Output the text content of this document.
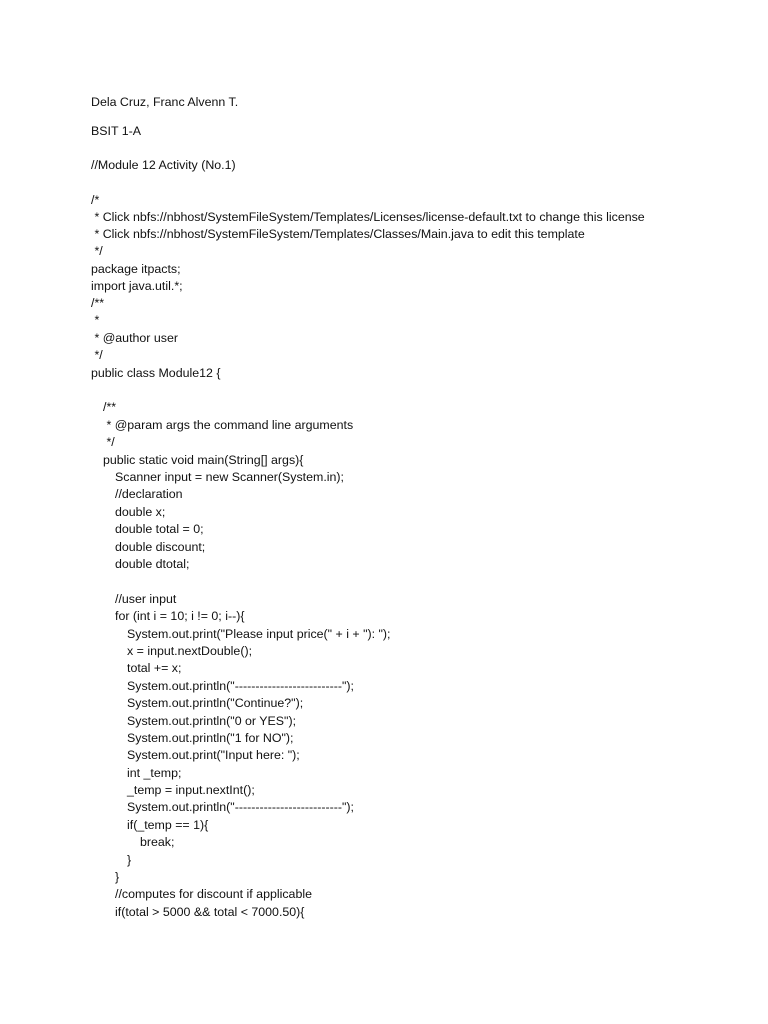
Dela Cruz, Franc Alvenn T.
BSIT 1-A
//Module 12 Activity (No.1)
/*
* Click nbfs://nbhost/SystemFileSystem/Templates/Licenses/license-default.txt to change this license
* Click nbfs://nbhost/SystemFileSystem/Templates/Classes/Main.java to edit this template
*/
package itpacts;
import java.util.*;
/**
*
* @author user
*/
public class Module12 {
/**
* @param args the command line arguments
*/
public static void main(String[] args){
Scanner input = new Scanner(System.in);
//declaration
double x;
double total = 0;
double discount;
double dtotal;
//user input
for (int i = 10; i != 0; i--){
System.out.print("Please input price(" + i + "): ");
x = input.nextDouble();
total += x;
System.out.println("--------------------------");
System.out.println("Continue?");
System.out.println("0 or YES");
System.out.println("1 for NO");
System.out.print("Input here: ");
int _temp;
_temp = input.nextInt();
System.out.println("--------------------------");
if(_temp == 1){
break;
}
}
//computes for discount if applicable
if(total > 5000 && total < 7000.50){
